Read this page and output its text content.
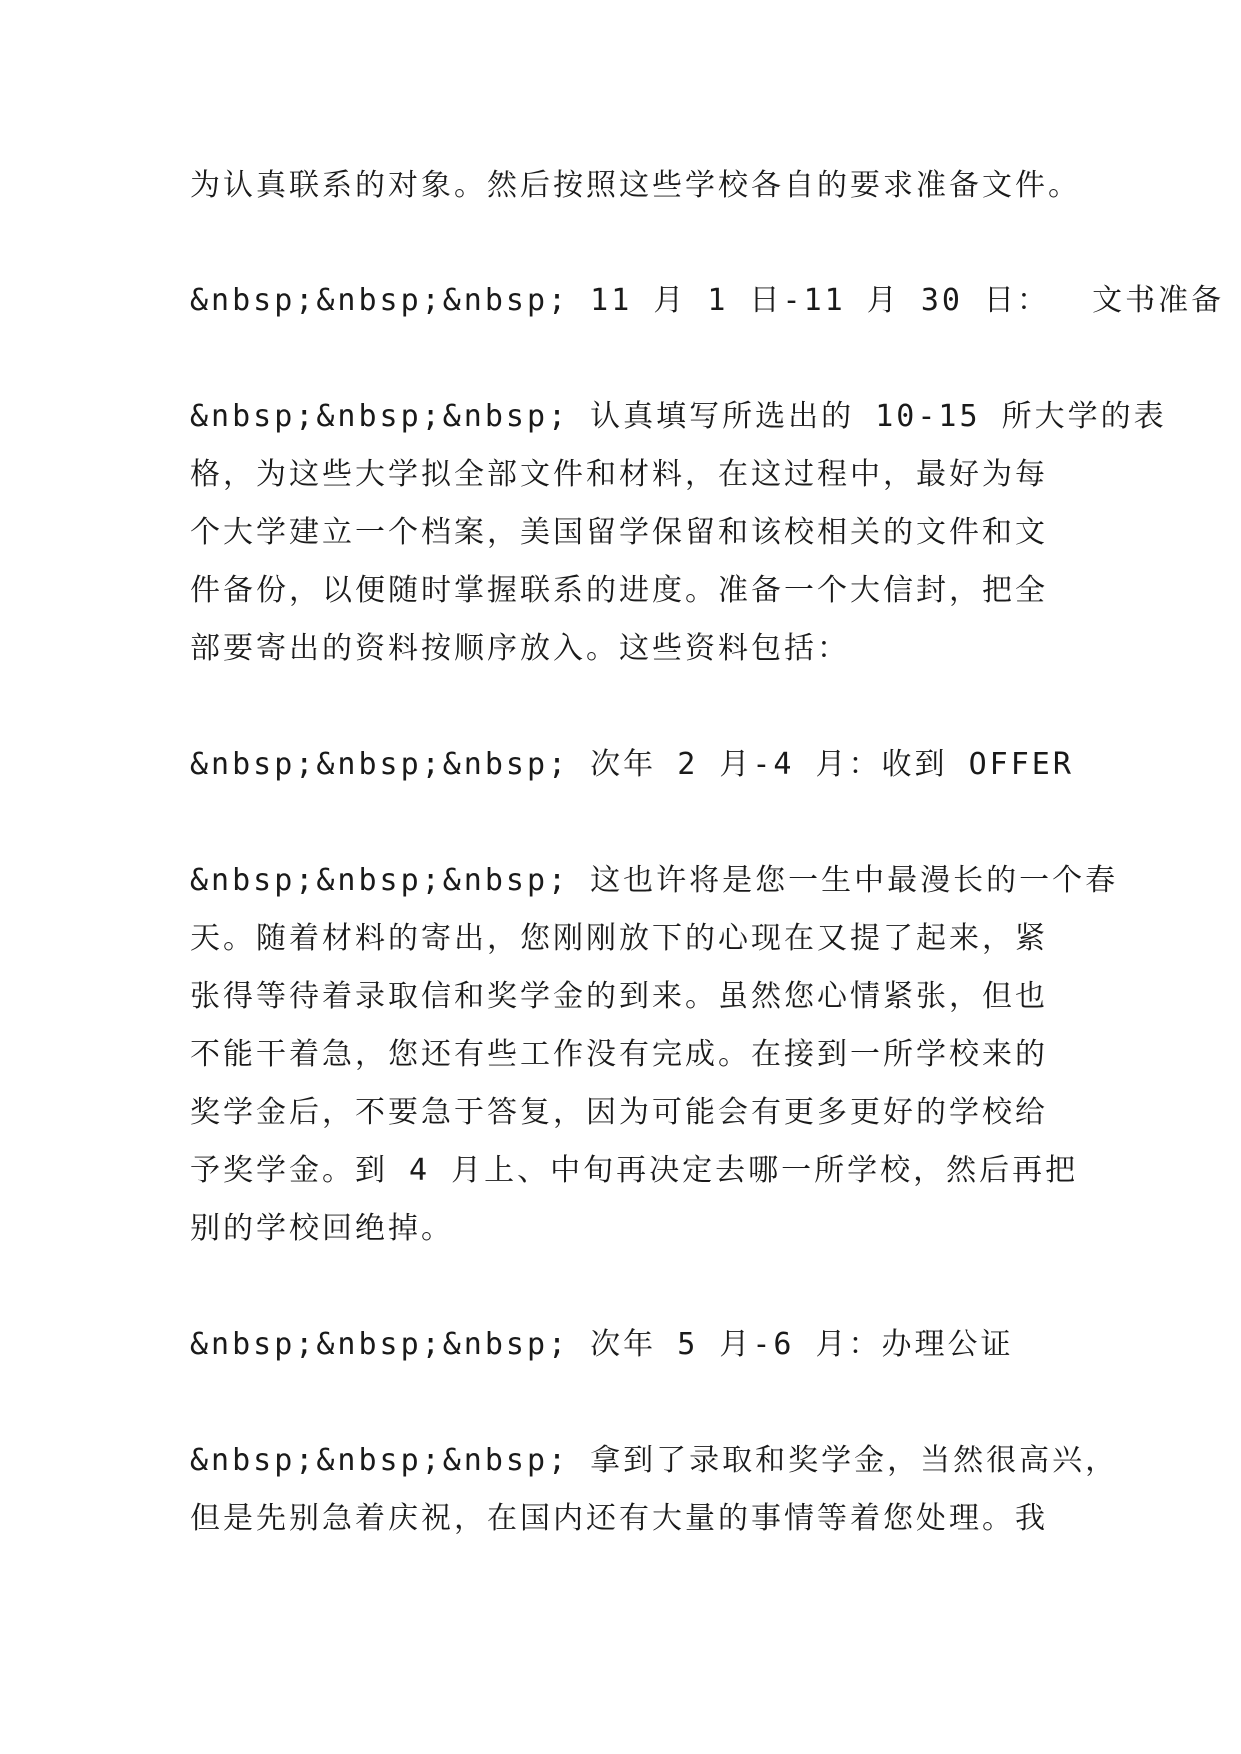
为认真联系的对象。然后按照这些学校各自的要求准备文件。
&nbsp;&nbsp;&nbsp; 11 月 1 日-11 月 30 日：  文书准备
&nbsp;&nbsp;&nbsp; 认真填写所选出的 10-15 所大学的表
格，为这些大学拟全部文件和材料，在这过程中，最好为每
个大学建立一个档案，美国留学保留和该校相关的文件和文
件备份，以便随时掌握联系的进度。准备一个大信封，把全
部要寄出的资料按顺序放入。这些资料包括：
&nbsp;&nbsp;&nbsp; 次年 2 月-4 月：收到 OFFER
&nbsp;&nbsp;&nbsp; 这也许将是您一生中最漫长的一个春
天。随着材料的寄出，您刚刚放下的心现在又提了起来，紧
张得等待着录取信和奖学金的到来。虽然您心情紧张，但也
不能干着急，您还有些工作没有完成。在接到一所学校来的
奖学金后，不要急于答复，因为可能会有更多更好的学校给
予奖学金。到 4 月上、中旬再决定去哪一所学校，然后再把
别的学校回绝掉。
&nbsp;&nbsp;&nbsp; 次年 5 月-6 月：办理公证
&nbsp;&nbsp;&nbsp; 拿到了录取和奖学金，当然很高兴，
但是先别急着庆祝，在国内还有大量的事情等着您处理。我
